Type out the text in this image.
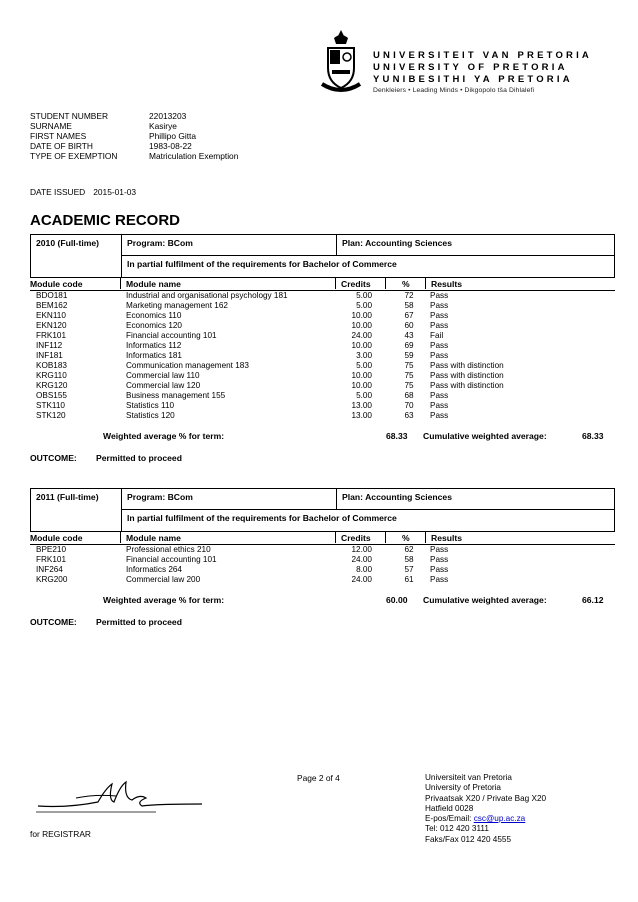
UNIVERSITEIT VAN PRETORIA
UNIVERSITY OF PRETORIA
YUNIBESITHI YA PRETORIA
Denkleiers • Leading Minds • Dikgopolo tša Dihlalefi
STUDENT NUMBER	22013203
SURNAME	Kasirye
FIRST NAMES	Phillipo Gitta
DATE OF BIRTH	1983-08-22
TYPE OF EXEMPTION	Matriculation Exemption
DATE ISSUED 2015-01-03
ACADEMIC RECORD
2010 (Full-time)	Program: BCom	Plan: Accounting Sciences
In partial fulfilment of the requirements for Bachelor of Commerce
Module code	Module name	Credits	% Results
BDO181	Industrial and organisational psychology 181	5.00	72	Pass
BEM162	Marketing management 162	5.00	58	Pass
EKN110	Economics 110	10.00	67	Pass
EKN120	Economics 120	10.00	60	Pass
FRK101	Financial accounting 101	24.00	43	Fail
INF112	Informatics 112	10.00	69	Pass
INF181	Informatics 181	3.00	59	Pass
KOB183	Communication management 183	5.00	75	Pass with distinction
KRG110	Commercial law 110	10.00	75	Pass with distinction
KRG120	Commercial law 120	10.00	75	Pass with distinction
OBS155	Business management 155	5.00	68	Pass
STK110	Statistics 110	13.00	70	Pass
STK120	Statistics 120	13.00	63	Pass
Weighted average % for term:	68.33 Cumulative weighted average:	68.33
OUTCOME: Permitted to proceed
2011 (Full-time)	Program: BCom	Plan: Accounting Sciences
In partial fulfilment of the requirements for Bachelor of Commerce
Module code	Module name	Credits	% Results
BPE210	Professional ethics 210	12.00	62	Pass
FRK101	Financial accounting 101	24.00	58	Pass
INF264	Informatics 264	8.00	57	Pass
KRG200	Commercial law 200	24.00	61	Pass
Weighted average % for term:	60.00 Cumulative weighted average:	66.12
OUTCOME: Permitted to proceed
for REGISTRAR
Page 2 of 4	Universiteit van Pretoria
University of Pretoria
Privaatsak X20 / Private Bag X20
Hatfield 0028
E-pos/Email: csc@up.ac.za
Tel: 012 420 3111
Faks/Fax 012 420 4555
